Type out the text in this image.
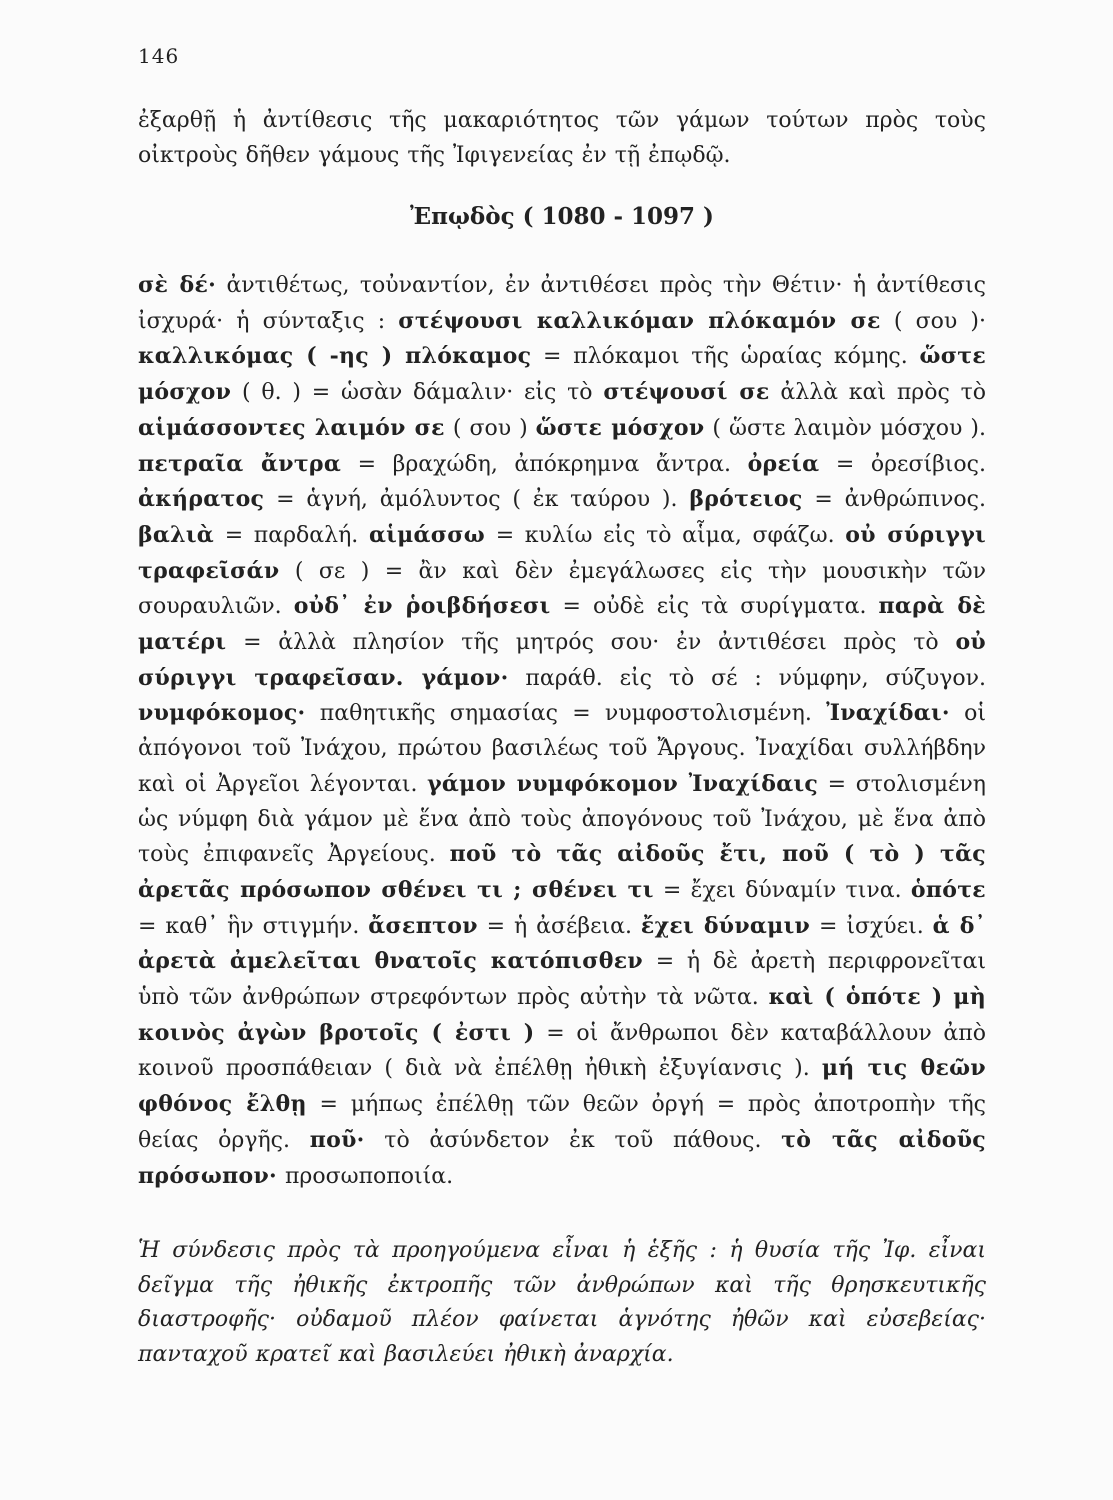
146

ἐξαρθῇ ἡ ἀντίθεσις τῆς μακαριότητος τῶν γάμων τούτων πρὸς τοὺς οἰκτροὺς δῆθεν γάμους τῆς Ἰφιγενείας ἐν τῇ ἐπῳδῷ.

Ἐπῳδὸς ( 1080 - 1097 )

σὲ δέ· ἀντιθέτως, τοὐναντίον, ἐν ἀντιθέσει πρὸς τὴν Θέτιν· ἡ ἀντίθεσις ἰσχυρά· ἡ σύνταξις : στέψουσι καλλικόμαν πλόκαμόν σε ( σου )· καλλικόμας ( -ης ) πλόκαμος = πλόκαμοι τῆς ὡραίας κόμης. ὥστε μόσχον ( θ. ) = ὡσὰν δάμαλιν· εἰς τὸ στέψουσί σε ἀλλὰ καὶ πρὸς τὸ αἱμάσσοντες λαιμόν σε ( σου ) ὥστε μόσχον ( ὥστε λαιμὸν μόσχου ). πετραῖα ἄντρα = βραχώδη, ἀπόκρημνα ἄντρα. ὀρεία = ὀρεσίβιος. ἀκήρατος = ἁγνή, ἀμόλυντος ( ἐκ ταύρου ). βρότειος = ἀνθρώπινος. βαλιὰ = παρδαλή. αἱμάσσω = κυλίω εἰς τὸ αἷμα, σφάζω. οὐ σύριγγι τραφεῖσάν ( σε ) = ἂν καὶ δὲν ἐμεγάλωσες εἰς τὴν μουσικὴν τῶν σουραυλιῶν. οὐδ᾽ ἐν ῥοιβδήσεσι = οὐδὲ εἰς τὰ συρίγματα. παρὰ δὲ ματέρι = ἀλλὰ πλησίον τῆς μητρός σου· ἐν ἀντιθέσει πρὸς τὸ οὐ σύριγγι τραφεῖσαν. γάμον· παράθ. εἰς τὸ σέ : νύμφην, σύζυγον. νυμφόκομος· παθητικῆς σημασίας = νυμφοστολισμένη. Ἰναχίδαι· οἱ ἀπόγονοι τοῦ Ἰνάχου, πρώτου βασιλέως τοῦ Ἄργους. Ἰναχίδαι συλλήβδην καὶ οἱ Ἀργεῖοι λέγονται. γάμον νυμφόκομον Ἰναχίδαις = στολισμένη ὡς νύμφη διὰ γάμον μὲ ἕνα ἀπὸ τοὺς ἀπογόνους τοῦ Ἰνάχου, μὲ ἕνα ἀπὸ τοὺς ἐπιφανεῖς Ἀργείους. ποῦ τὸ τᾶς αἰδοῦς ἔτι, ποῦ ( τὸ ) τᾶς ἀρετᾶς πρόσωπον σθένει τι ; σθένει τι = ἔχει δύναμίν τινα. ὁπότε = καθ᾽ ἣν στιγμήν. ἄσεπτον = ἡ ἀσέβεια. ἔχει δύναμιν = ἰσχύει. ἁ δ᾽ ἀρετὰ ἀμελεῖται θνατοῖς κατόπισθεν = ἡ δὲ ἀρετὴ περιφρονεῖται ὑπὸ τῶν ἀνθρώπων στρεφόντων πρὸς αὐτὴν τὰ νῶτα. καὶ ( ὁπότε ) μὴ κοινὸς ἀγὼν βροτοῖς ( ἐστι ) = οἱ ἄνθρωποι δὲν καταβάλλουν ἀπὸ κοινοῦ προσπάθειαν ( διὰ νὰ ἐπέλθῃ ἠθικὴ ἐξυγίανσις ). μή τις θεῶν φθόνος ἔλθῃ = μήπως ἐπέλθῃ τῶν θεῶν ὀργή = πρὸς ἀποτροπὴν τῆς θείας ὀργῆς. ποῦ· τὸ ἀσύνδετον ἐκ τοῦ πάθους. τὸ τᾶς αἰδοῦς πρόσωπον· προσωποποιία.

Ἡ σύνδεσις πρὸς τὰ προηγούμενα εἶναι ἡ ἑξῆς : ἡ θυσία τῆς Ἰφ. εἶναι δεῖγμα τῆς ἠθικῆς ἐκτροπῆς τῶν ἀνθρώπων καὶ τῆς θρησκευτικῆς διαστροφῆς· οὐδαμοῦ πλέον φαίνεται ἁγνότης ἠθῶν καὶ εὐσεβείας· πανταχοῦ κρατεῖ καὶ βασιλεύει ἠθικὴ ἀναρχία.
